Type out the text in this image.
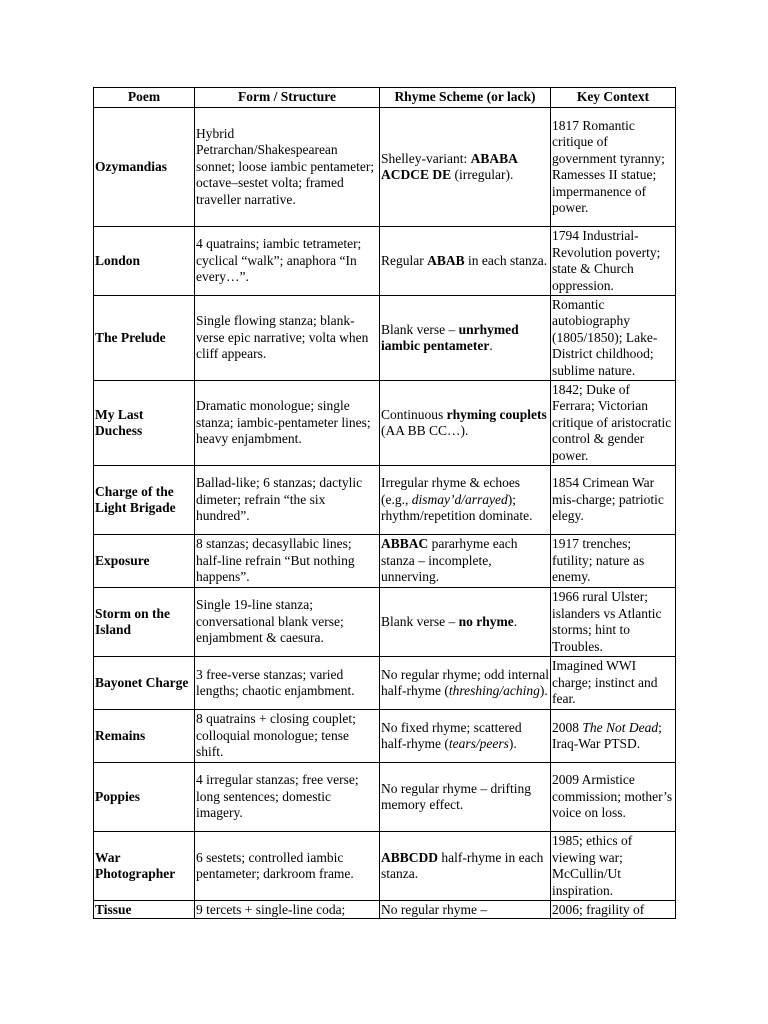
Poem	Form / Structure	Rhyme Scheme (or lack)	Key Context
Ozymandias	Hybrid Petrarchan/Shakespearean sonnet; loose iambic pentameter; octave–sestet volta; framed traveller narrative.	Shelley-variant: ABABA ACDCE DE (irregular).	1817 Romantic critique of government tyranny; Ramesses II statue; impermanence of power.
London	4 quatrains; iambic tetrameter; cyclical “walk”; anaphora “In every…”.	Regular ABAB in each stanza.	1794 Industrial-Revolution poverty; state & Church oppression.
The Prelude	Single flowing stanza; blank-verse epic narrative; volta when cliff appears.	Blank verse – unrhymed iambic pentameter.	Romantic autobiography (1805/1850); Lake-District childhood; sublime nature.
My Last Duchess	Dramatic monologue; single stanza; iambic-pentameter lines; heavy enjambment.	Continuous rhyming couplets (AA BB CC…).	1842; Duke of Ferrara; Victorian critique of aristocratic control & gender power.
Charge of the Light Brigade	Ballad-like; 6 stanzas; dactylic dimeter; refrain “the six hundred”.	Irregular rhyme & echoes (e.g., dismay’d/arrayed); rhythm/repetition dominate.	1854 Crimean War mis-charge; patriotic elegy.
Exposure	8 stanzas; decasyllabic lines; half-line refrain “But nothing happens”.	ABBAC pararhyme each stanza – incomplete, unnerving.	1917 trenches; futility; nature as enemy.
Storm on the Island	Single 19-line stanza; conversational blank verse; enjambment & caesura.	Blank verse – no rhyme.	1966 rural Ulster; islanders vs Atlantic storms; hint to Troubles.
Bayonet Charge	3 free-verse stanzas; varied lengths; chaotic enjambment.	No regular rhyme; odd internal half-rhyme (threshing/aching).	Imagined WWI charge; instinct and fear.
Remains	8 quatrains + closing couplet; colloquial monologue; tense shift.	No fixed rhyme; scattered half-rhyme (tears/peers).	2008 The Not Dead; Iraq-War PTSD.
Poppies	4 irregular stanzas; free verse; long sentences; domestic imagery.	No regular rhyme – drifting memory effect.	2009 Armistice commission; mother’s voice on loss.
War Photographer	6 sestets; controlled iambic pentameter; darkroom frame.	ABBCDD half-rhyme in each stanza.	1985; ethics of viewing war; McCullin/Ut inspiration.
Tissue	9 tercets + single-line coda;	No regular rhyme –	2006; fragility of
